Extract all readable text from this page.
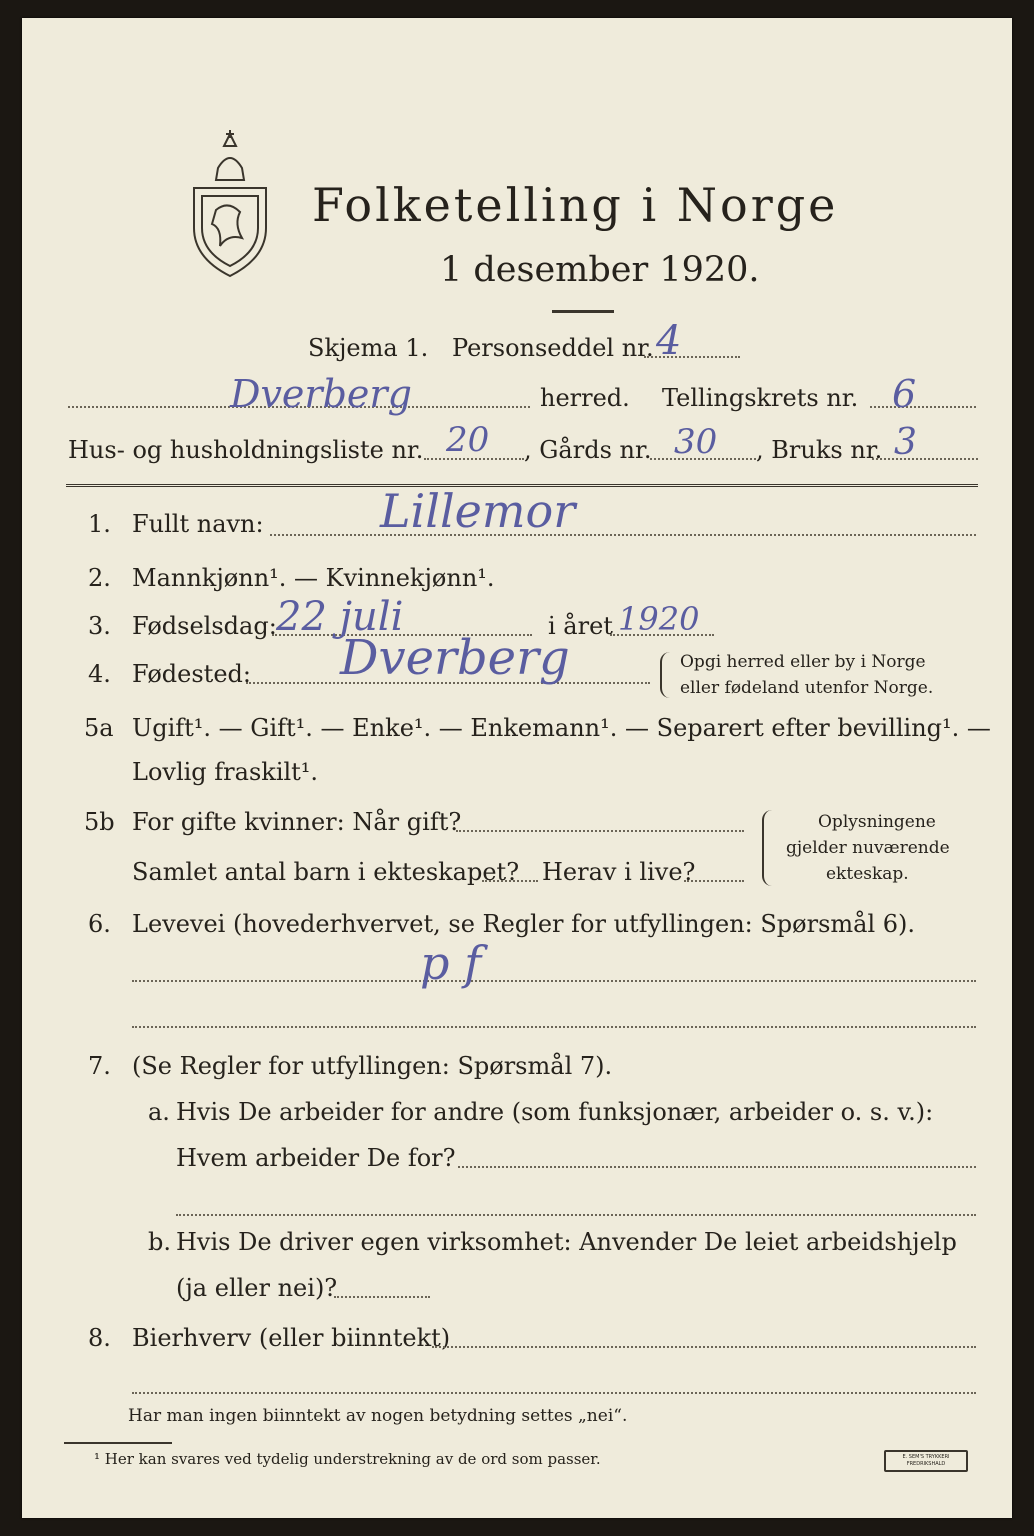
Folketelling i Norge
1 desember 1920.
Skjema 1. Personseddel nr. 4
Dverberg	herred. Tellingskrets nr. 6
Hus- og husholdningsliste nr. 20 , Gårds nr. 30 , Bruks nr. 3
1. Fullt navn:	Lillemor
2. Mannkjønn¹. — Kvinnekjønn¹.
3. Fødselsdag: 22 juli	i året 1920
4. Fødested: Dverberg	Opgi herred eller by i Norge
eller fødeland utenfor Norge.
5a Ugift¹. — Gift¹. — Enke¹. — Enkemann¹. — Separert efter bevilling¹. —
Lovlig fraskilt¹.
5b For gifte kvinner: Når gift?
Samlet antal barn i ekteskapet? Herav i live?
Oplysningene
gjelder nuværende
ekteskap.
6. Levevei (hovederhvervet, se Regler for utfyllingen: Spørsmål 6).
p f
7. (Se Regler for utfyllingen: Spørsmål 7).
a. Hvis De arbeider for andre (som funksjonær, arbeider o. s. v.):
Hvem arbeider De for?
b. Hvis De driver egen virksomhet: Anvender De leiet arbeidshjelp
(ja eller nei)?
8. Bierhverv (eller biinntekt)
Har man ingen biinntekt av nogen betydning settes „nei“.
¹ Her kan svares ved tydelig understrekning av de ord som passer.	E. SEM'S TRYKKERI FREDRIKSHALD
